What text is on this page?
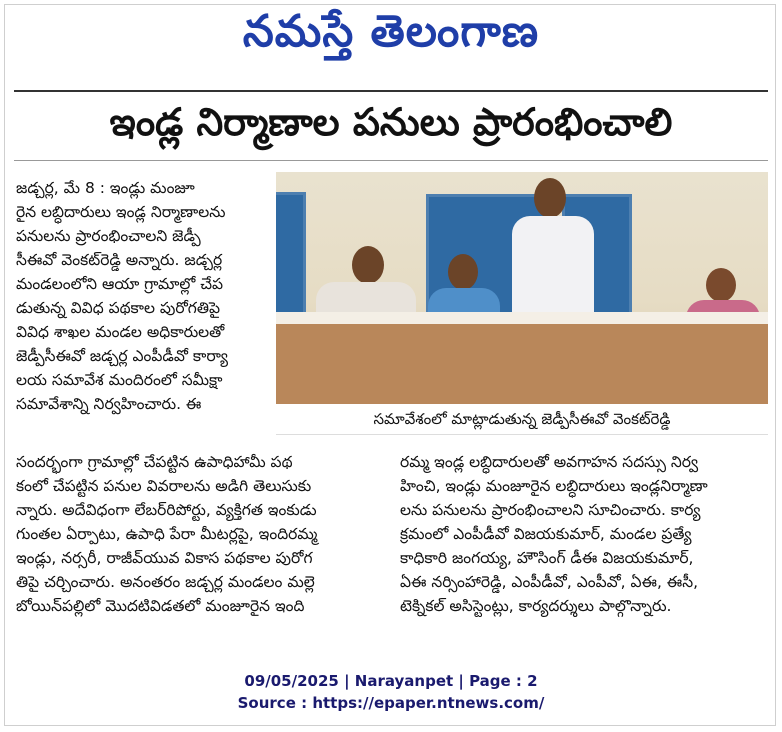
నమస్తే తెలంగాణ
ఇండ్ల నిర్మాణాల పనులు ప్రారంభించాలి
సమావేశంలో మాట్లాడుతున్న జెడ్పీసీఈవో వెంకట్‌రెడ్డి
జడ్చర్ల, మే 8 : ఇండ్లు మంజూ
రైన లబ్ధిదారులు ఇండ్ల నిర్మాణాలను
పనులను ప్రారంభించాలని జెడ్పీ
సీఈవో వెంకట్‌రెడ్డి అన్నారు. జడ్చర్ల
మండలంలోని ఆయా గ్రామాల్లో చేప
డుతున్న వివిధ పథకాల పురోగతిపై
వివిధ శాఖల మండల అధికారులతో
జెడ్పీసీఈవో జడ్చర్ల ఎంపీడీవో కార్యా
లయ సమావేశ మందిరంలో సమీక్షా
సమావేశాన్ని నిర్వహించారు. ఈ
సందర్భంగా గ్రామాల్లో చేపట్టిన ఉపాధిహామీ పథ
కంలో చేపట్టిన పనుల వివరాలను అడిగి తెలుసుకు
న్నారు. అదేవిధంగా లేబర్‌రిపోర్టు, వ్యక్తిగత ఇంకుడు
గుంతల ఏర్పాటు, ఉపాధి పేరా మీటర్లపై, ఇందిరమ్మ
ఇండ్లు, నర్సరీ, రాజీవ్‌యువ వికాస పథకాల పురోగ
తిపై చర్చించారు. అనంతరం జడ్చర్ల మండలం మల్లె
బోయిన్‌పల్లిలో మొదటివిడతలో మంజూరైన ఇంది
రమ్మ ఇండ్ల లబ్ధిదారులతో అవగాహన సదస్సు నిర్వ
హించి, ఇండ్లు మంజూరైన లబ్ధిదారులు ఇండ్లనిర్మాణా
లను పనులను ప్రారంభించాలని సూచించారు. కార్య
క్రమంలో ఎంపీడీవో విజయకుమార్, మండల ప్రత్యే
కాధికారి జంగయ్య, హౌసింగ్ డీఈ విజయకుమార్,
ఏఈ నర్సింహారెడ్డి, ఎంపీడీవో, ఎంపీవో, ఏఈ, ఈసీ,
టెక్నికల్ అసిస్టెంట్లు, కార్యదర్శులు పాల్గొన్నారు.
09/05/2025 | Narayanpet | Page : 2
Source : https://epaper.ntnews.com/
